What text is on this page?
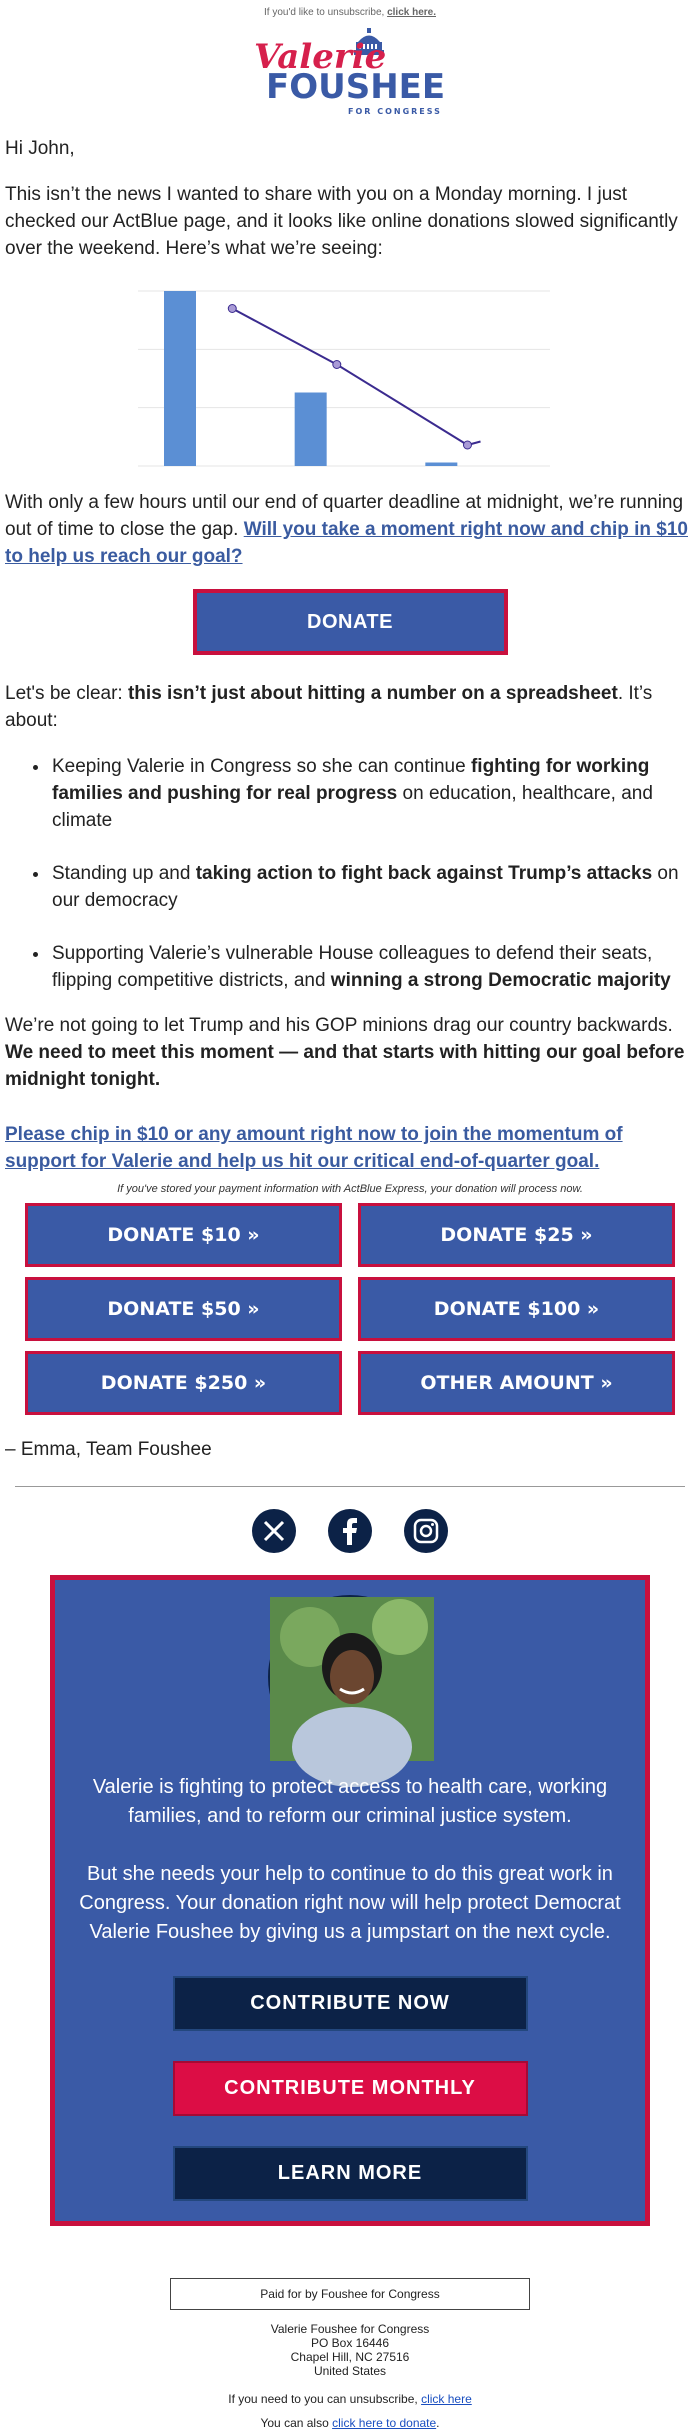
If you'd like to unsubscribe, click here.
Valerie
FOUSHEE
FOR CONGRESS

Hi John,

This isn’t the news I wanted to share with you on a Monday morning. I just checked our ActBlue page, and it looks like online donations slowed significantly over the weekend. Here’s what we’re seeing:

With only a few hours until our end of quarter deadline at midnight, we’re running out of time to close the gap. Will you take a moment right now and chip in $10 to help us reach our goal?

DONATE

Let's be clear: this isn’t just about hitting a number on a spreadsheet. It’s about:

• Keeping Valerie in Congress so she can continue fighting for working families and pushing for real progress on education, healthcare, and climate
• Standing up and taking action to fight back against Trump’s attacks on our democracy
• Supporting Valerie’s vulnerable House colleagues to defend their seats, flipping competitive districts, and winning a strong Democratic majority

We’re not going to let Trump and his GOP minions drag our country backwards. We need to meet this moment — and that starts with hitting our goal before midnight tonight.

Please chip in $10 or any amount right now to join the momentum of support for Valerie and help us hit our critical end-of-quarter goal.

If you've stored your payment information with ActBlue Express, your donation will process now.

DONATE $10 »	DONATE $25 »
DONATE $50 »	DONATE $100 »
DONATE $250 »	OTHER AMOUNT »

– Emma, Team Foushee

Valerie is fighting to protect access to health care, working families, and to reform our criminal justice system.

But she needs your help to continue to do this great work in Congress. Your donation right now will help protect Democrat Valerie Foushee by giving us a jumpstart on the next cycle.

CONTRIBUTE NOW
CONTRIBUTE MONTHLY
LEARN MORE
Paid for by Foushee for Congress
Valerie Foushee for Congress
PO Box 16446
Chapel Hill, NC 27516
United States

If you need to you can unsubscribe, click here

You can also click here to donate.
